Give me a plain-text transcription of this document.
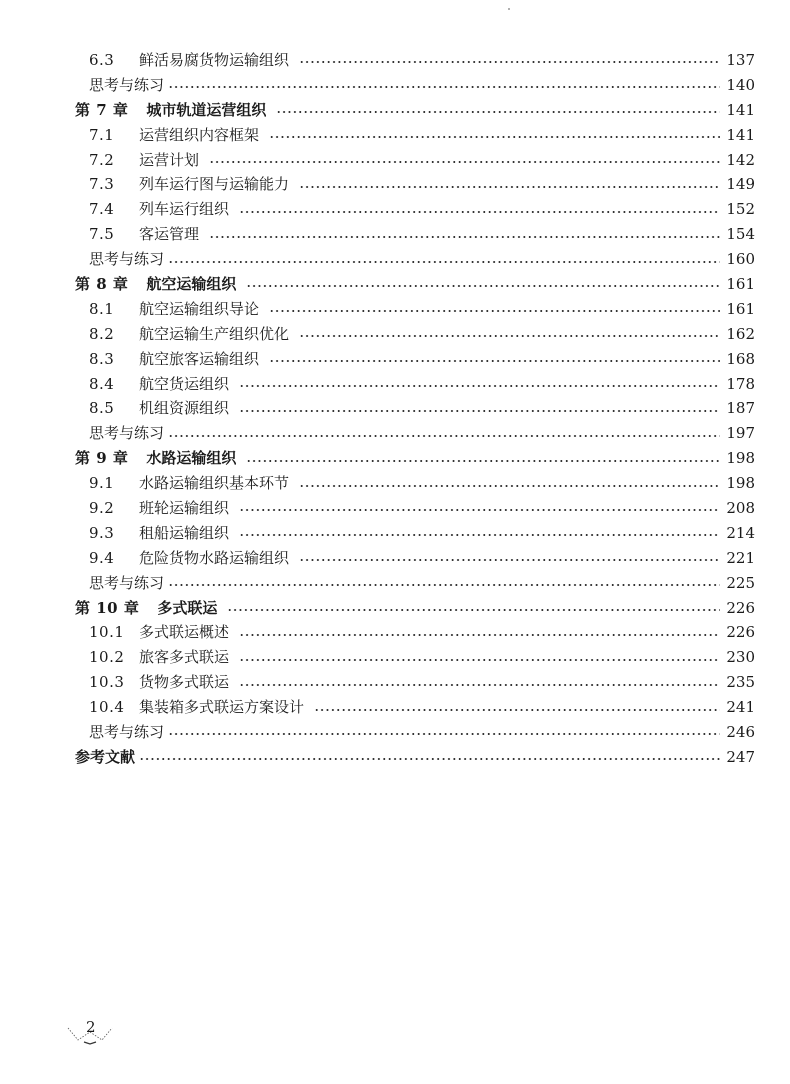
6.3	鲜活易腐货物运输组织	137
思考与练习	140
第 7 章 城市轨道运营组织	141
7.1	运营组织内容框架	141
7.2	运营计划	142
7.3	列车运行图与运输能力	149
7.4	列车运行组织	152
7.5	客运管理	154
思考与练习	160
第 8 章 航空运输组织	161
8.1	航空运输组织导论	161
8.2	航空运输生产组织优化	162
8.3	航空旅客运输组织	168
8.4	航空货运组织	178
8.5	机组资源组织	187
思考与练习	197
第 9 章 水路运输组织	198
9.1	水路运输组织基本环节	198
9.2	班轮运输组织	208
9.3	租船运输组织	214
9.4	危险货物水路运输组织	221
思考与练习	225
第 10 章 多式联运	226
10.1 多式联运概述	226
10.2 旅客多式联运	230
10.3 货物多式联运	235
10.4 集装箱多式联运方案设计	241
思考与练习	246
参考文献	247
2
